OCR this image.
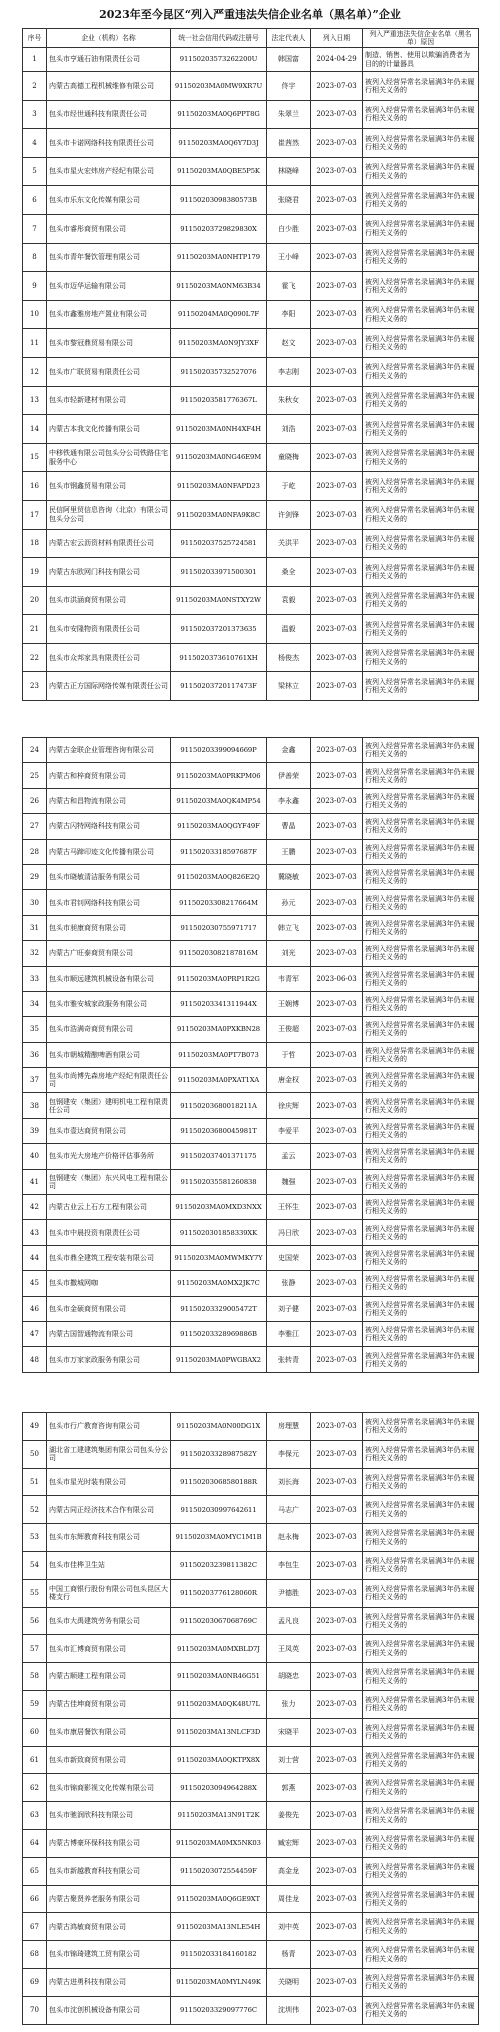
2023年至今昆区“列入严重违法失信企业名单（黑名单）”企业
序号	企业（机构）名称	统一社会信用代码或注册号	法定代表人	列入日期	列入严重违法失信企业名单（黑名单）原因
1	包头市亨通石油有限责任公司	91150203573262200U	韩国富	2024-04-29
制造、销售、使用以欺骗消费者为目的的计量器具
2	内蒙古高德工程机械维修有限公司	91150203MA0MW9XR7U	佟宇	2023-07-03
被列入经营异常名录届满3年仍未履行相关义务的
3	包头市经世通科技有限责任公司	91150203MA0Q6PPT8G	朱翠兰	2023-07-03
被列入经营异常名录届满3年仍未履行相关义务的
4	包头市卡诺网络科技有限责任公司	91150203MA0Q6Y7D3J	崔茜然	2023-07-03
被列入经营异常名录届满3年仍未履行相关义务的
5	包头市星火宏炜房产经纪有限公司	91150203MA0QBE5P5K	林晓峰	2023-07-03
被列入经营异常名录届满3年仍未履行相关义务的
6	包头市乐东文化传媒有限公司	91150203098380573B	张晓君	2023-07-03
被列入经营异常名录届满3年仍未履行相关义务的
7	包头市睿彤商贸有限公司	91150203729829830X	白少胜	2023-07-03
被列入经营异常名录届满3年仍未履行相关义务的
8	包头市青年餐饮管理有限公司	91150203MA0NHTP179	王小峰	2023-07-03
被列入经营异常名录届满3年仍未履行相关义务的
9	包头市迈华运输有限公司	91150203MA0NM63B34	霍飞	2023-07-03
被列入经营异常名录届满3年仍未履行相关义务的
10	包头市鑫雅房地产置业有限公司	91150204MA0Q090L7F	李阳	2023-07-03
被列入经营异常名录届满3年仍未履行相关义务的
11	包头市黎冠鼎贸易有限公司	91150203MA0N9JY3XF	赵文	2023-07-03
被列入经营异常名录届满3年仍未履行相关义务的
12	包头市广联贸易有限责任公司	911502035732527076	李志刚	2023-07-03
被列入经营异常名录届满3年仍未履行相关义务的
13	包头市轻新建材有限公司	91150203581776367L	朱秋女	2023-07-03
被列入经营异常名录届满3年仍未履行相关义务的
14	内蒙古本我文化传播有限公司	91150203MA0NH4XF4H	刘浩	2023-07-03
被列入经营异常名录届满3年仍未履行相关义务的
15
中移铁通有限公司包头分公司铁路住宅服务中心
91150203MA0NG46E9M	童晓梅	2023-07-03
被列入经营异常名录届满3年仍未履行相关义务的
16	包头市钢鑫贸易有限公司	91150203MA0NFAPD23	于屹	2023-07-03
被列入经营异常名录届满3年仍未履行相关义务的
17
民信阿里贸信息咨询（北京）有限公司包头分公司
91150203MA0NFA9K8C	许剑锋	2023-07-03
被列入经营异常名录届满3年仍未履行相关义务的
18	内蒙古宏云沥资材料有限责任公司	911502037525724581	关洪平	2023-07-03
被列入经营异常名录届满3年仍未履行相关义务的
19	内蒙古东欧网门科技有限公司	911502033971500301	桑全	2023-07-03
被列入经营异常名录届满3年仍未履行相关义务的
20	包头市洪涵商贸有限公司	91150203MA0NSTXY2W	袁毅	2023-07-03
被列入经营异常名录届满3年仍未履行相关义务的
21	包头市安隆物资有限责任公司	911502037201373635	温毅	2023-07-03
被列入经营异常名录届满3年仍未履行相关义务的
22	包头市众邦家具有限责任公司	9115020373610761XH	杨俊杰	2023-07-03
被列入经营异常名录届满3年仍未履行相关义务的
23	内蒙古正方国际网络传媒有限责任公司	91150203720117473F	梁林立	2023-07-03
被列入经营异常名录届满3年仍未履行相关义务的
24	内蒙古金联企业管理咨询有限公司	91150203399094669P	金鑫	2023-07-03	被列入经营异常名录届满3年仍未履行相关义务的
25	内蒙古和梓商贸有限公司	91150203MA0PRKPM06	伊善荣	2023-07-03	被列入经营异常名录届满3年仍未履行相关义务的
26	内蒙古和昌物流有限公司	91150203MA0QK4MP54	李永鑫	2023-07-03	被列入经营异常名录届满3年仍未履行相关义务的
27	内蒙古闪特网络科技有限公司	91150203MA0QGYF49F	曹晶	2023-07-03	被列入经营异常名录届满3年仍未履行相关义务的
28	内蒙古马蹄印迹文化传播有限公司	91150203318597687F	王鹏	2023-07-03	被列入经营异常名录届满3年仍未履行相关义务的
29	包头市晓敏清洁服务有限公司	91150203MA0Q826E2Q	冀晓敏	2023-07-03	被列入经营异常名录届满3年仍未履行相关义务的
30	包头市君钊网络科技有限公司	91150203308217664M	孙元	2023-07-03	被列入经营异常名录届满3年仍未履行相关义务的
31	包头市昶康商贸有限公司	911502030755971717	韩立飞	2023-07-03	被列入经营异常名录届满3年仍未履行相关义务的
32	内蒙古广旺泰商贸有限公司	91150203082187816M	刘光	2023-07-03	被列入经营异常名录届满3年仍未履行相关义务的
33	包头市顺远建筑机械设备有限公司	91150203MA0PRP1R2G	韦青军	2023-06-03	被列入经营异常名录届满3年仍未履行相关义务的
34	包头市雅安城家政服务有限公司	91150203341311944X	王娴博	2023-07-03	被列入经营异常名录届满3年仍未履行相关义务的
35	包头市浩满奇商贸有限公司	91150203MA0PXKBN28	王俊超	2023-07-03	被列入经营异常名录届满3年仍未履行相关义务的
36	包头市朝城精酿啤酒有限公司	91150203MA0PT7B073	于哲	2023-07-03	被列入经营异常名录届满3年仍未履行相关义务的
37	包头市尚博先森房地产经纪有限责任公司	91150203MA0PXAT1XA	唐金权	2023-07-03	被列入经营异常名录届满3年仍未履行相关义务的
38	包钢建安（集团）建明机电工程有限责任公司	91150203680018211A	徐庆辉	2023-07-03	被列入经营异常名录届满3年仍未履行相关义务的
39	包头市壹达商贸有限公司	91150203680045981T	李爱平	2023-07-03	被列入经营异常名录届满3年仍未履行相关义务的
40	包头市光大房地产价格评估事务所	911502037401371175	孟云	2023-07-03	被列入经营异常名录届满3年仍未履行相关义务的
41	包钢建安（集团）东兴风电工程有限公司	911502035581260838	魏强	2023-07-03	被列入经营异常名录届满3年仍未履行相关义务的
42	内蒙古业云上石方工程有限公司	91150203MA0MXD3NXX	王怀生	2023-07-03	被列入经营异常名录届满3年仍未履行相关义务的
43	包头市中晨投资有限责任公司	9115020301858339XK	冯日欣	2023-07-03	被列入经营异常名录届满3年仍未履行相关义务的
44	包头市鼎全建筑工程安装有限公司	91150203MA0MWMKY7Y	史国荣	2023-07-03	被列入经营异常名录届满3年仍未履行相关义务的
45	包头市撒城网咖	91150203MA0MX2JK7C	张静	2023-07-03	被列入经营异常名录届满3年仍未履行相关义务的
46	包头市金硕商贸有限公司	91150203329005472T	刘子健	2023-07-03	被列入经营异常名录届满3年仍未履行相关义务的
47	内蒙古国智通物流有限公司	91150203328969886B	李雅江	2023-07-03	被列入经营异常名录届满3年仍未履行相关义务的
48	包头市万家家政服务有限公司	91150203MA0PWGBAX2	张转青	2023-07-03	被列入经营异常名录届满3年仍未履行相关义务的
49	包头市行广教育咨询有限公司	91150203MA0N00DG1X	房理慧	2023-07-03
被列入经营异常名录届满3年仍未履行相关义务的
50
湖北省工建建筑集团有限公司包头分公司
91150203328987582Y	李保元	2023-07-03
被列入经营异常名录届满3年仍未履行相关义务的
51	包头市星光时装有限公司	91150203068580188R	刘长海	2023-07-03
被列入经营异常名录届满3年仍未履行相关义务的
52	内蒙古同正经济技术合作有限公司	911502030997642611	马志广	2023-07-03
被列入经营异常名录届满3年仍未履行相关义务的
53	包头市东辉教育科技有限公司	91150203MA0MYC1M1B	赵永梅	2023-07-03
被列入经营异常名录届满3年仍未履行相关义务的
54	包头市佳桦卫生站	91150203239811382C	李包生	2023-07-03
被列入经营异常名录届满3年仍未履行相关义务的
55
中国工商银行股份有限公司包头昆区大楼支行
91150203776128060R	尹德胜	2023-07-03
被列入经营异常名录届满3年仍未履行相关义务的
56	包头市大禹建筑劳务有限公司	91150203067068769C	孟凡良	2023-07-03
被列入经营异常名录届满3年仍未履行相关义务的
57	包头市汇博商贸有限公司	91150203MA0MXBLD7J	王凤英	2023-07-03
被列入经营异常名录届满3年仍未履行相关义务的
58	内蒙古顺建工程有限公司	91150203MA0NR46G51	胡晓忠	2023-07-03
被列入经营异常名录届满3年仍未履行相关义务的
59	内蒙古佳坤商贸有限公司	91150203MA0QK48U7L	张力	2023-07-03
被列入经营异常名录届满3年仍未履行相关义务的
60	包头市康居餐饮有限公司	91150203MA13NLCF3D	宋晓平	2023-07-03
被列入经营异常名录届满3年仍未履行相关义务的
61	包头市新致商贸有限公司	91150203MA0QKTPX8X	刘士营	2023-07-03
被列入经营异常名录届满3年仍未履行相关义务的
62	包头市锦商影视文化传媒有限公司	91150203094964288X	郭燕	2023-07-03
被列入经营异常名录届满3年仍未履行相关义务的
63	包头市驰润欣科技有限公司	91150203MA13N91T2K	姜俊先	2023-07-03
被列入经营异常名录届满3年仍未履行相关义务的
64	内蒙古博豪环保科技有限公司	91150203MA0MX5NK03	臧宏辉	2023-07-03
被列入经营异常名录届满3年仍未履行相关义务的
65	包头市新越教育科技有限公司	91150203072554459F	高金龙	2023-07-03
被列入经营异常名录届满3年仍未履行相关义务的
66	内蒙古聚贤养老服务有限公司	91150203MA0Q6GE9XT	周佳龙	2023-07-03
被列入经营异常名录届满3年仍未履行相关义务的
67	内蒙古鸿敏商贸有限公司	91150203MA13NLE54H	刘中英	2023-07-03
被列入经营异常名录届满3年仍未履行相关义务的
68	包头市锦琦建筑工贸有限公司	911502033184160182	杨青	2023-07-03
被列入经营异常名录届满3年仍未履行相关义务的
69	内蒙古进勇科技有限公司	91150203MA0MYLN49K	关晓明	2023-07-03
被列入经营异常名录届满3年仍未履行相关义务的
70	包头市沈创机械设备有限公司	91150203329097776C	沈圳伟	2023-07-03
被列入经营异常名录届满3年仍未履行相关义务的
